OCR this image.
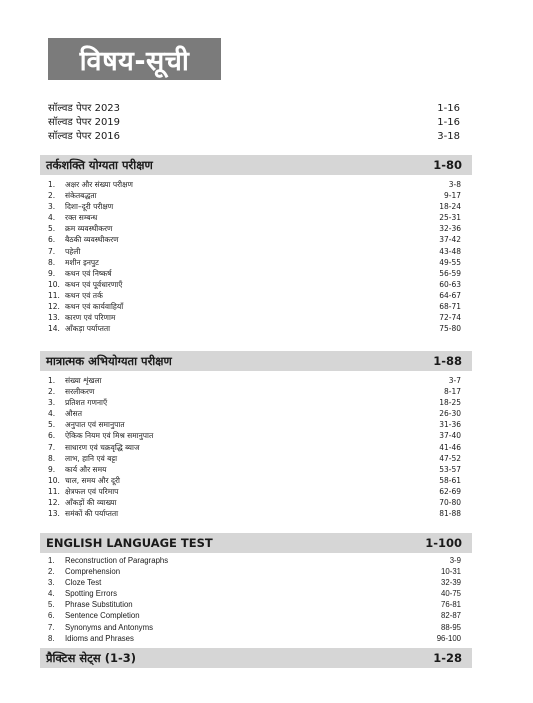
विषय-सूची
सॉल्वड पेपर 2023	1-16
सॉल्वड पेपर 2019	1-16
सॉल्वड पेपर 2016	3-18
तर्कशक्ति योग्यता परीक्षण	1-80
1.	अक्षर और संख्या परीक्षण	3-8
2.	संकेतबद्धता	9-17
3.	दिशा–दूरी परीक्षण	18-24
4.	रक्त सम्बन्ध	25-31
5.	क्रम व्यवस्थीकरण	32-36
6.	बैठकी व्यवस्थीकरण	37-42
7.	पहेली	43-48
8.	मशीन इनपुट	49-55
9.	कथन एवं निष्कर्ष	56-59
10. कथन एवं पूर्वधारणाएँ	60-63
11. कथन एवं तर्क	64-67
12. कथन एवं कार्यवाहियाँ	68-71
13. कारण एवं परिणाम	72-74
14. आँकड़ा पर्याप्तता	75-80
मात्रात्मक अभियोग्यता परीक्षण	1-88
1.	संख्या शृंखला	3-7
2.	सरलीकरण	8-17
3.	प्रतिशत गणनाएँ	18-25
4.	औसत	26-30
5.	अनुपात एवं समानुपात	31-36
6.	ऐकिक नियम एवं मिश्र समानुपात	37-40
7.	साधारण एवं चक्रवृद्धि ब्याज	41-46
8.	लाभ, हानि एवं बट्टा	47-52
9.	कार्य और समय	53-57
10. चाल, समय और दूरी	58-61
11. क्षेत्रफल एवं परिमाप	62-69
12. आँकड़ों की व्याख्या	70-80
13. समंकों की पर्याप्तता	81-88
ENGLISH LANGUAGE TEST	1-100
1.	Reconstruction of Paragraphs	3-9
2.	Comprehension	10-31
3.	Cloze Test	32-39
4.	Spotting Errors	40-75
5.	Phrase Substitution	76-81
6.	Sentence Completion	82-87
7.	Synonyms and Antonyms	88-95
8.	Idioms and Phrases	96-100
प्रैक्टिस सेट्स (1-3)	1-28
